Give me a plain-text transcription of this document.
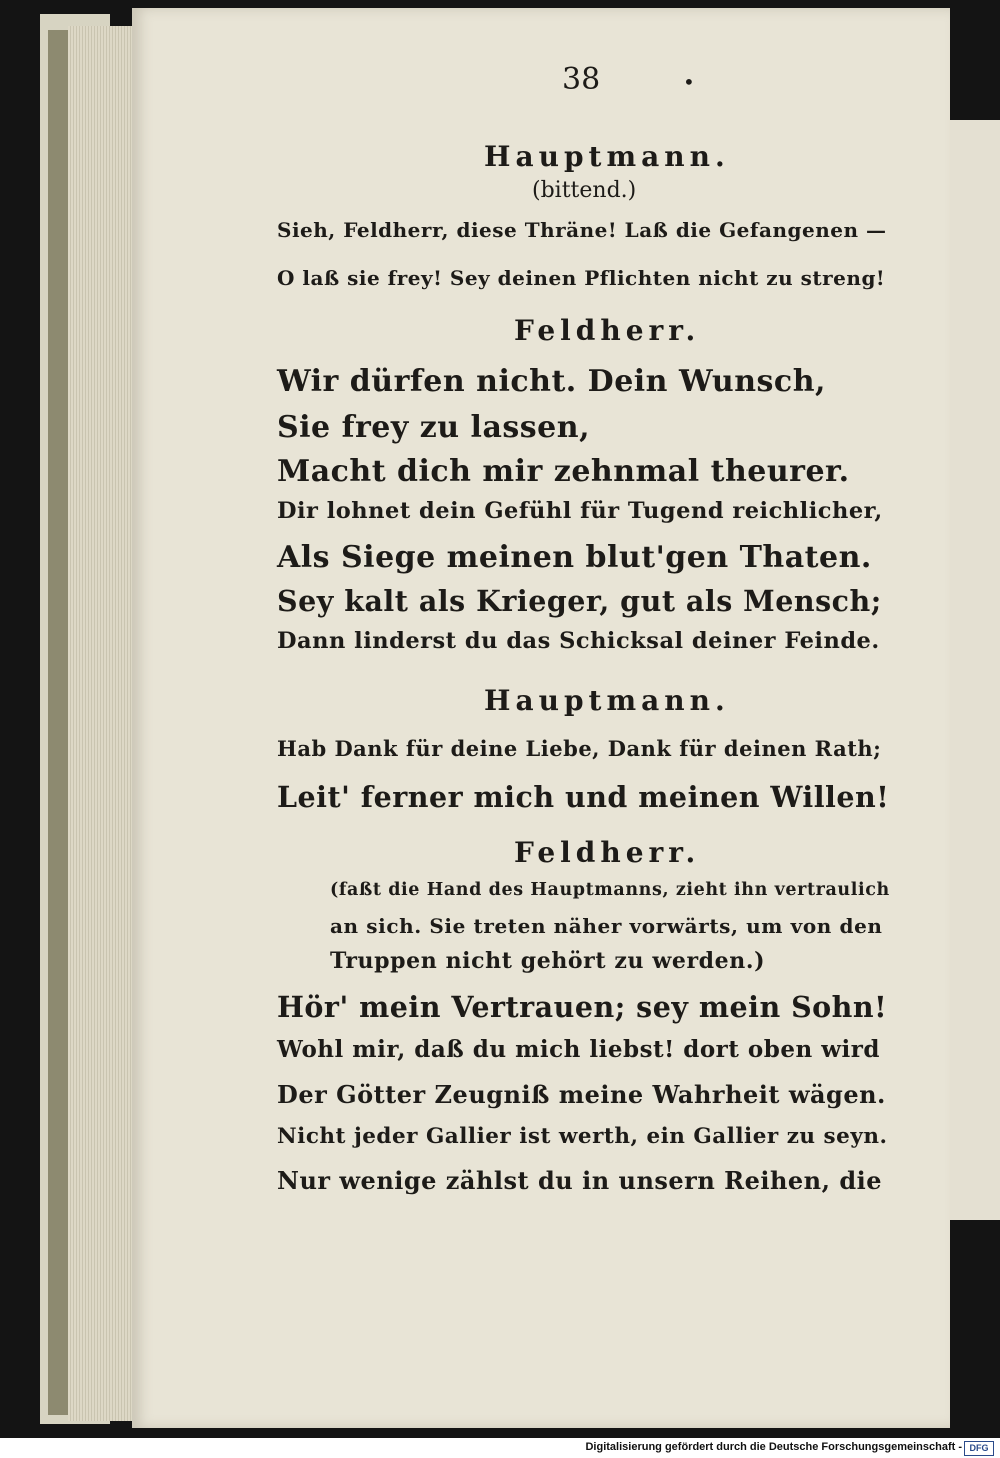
38	•
Hauptmann.
(bittend.)
Sieh, Feldherr, diese Thräne! Laß die Gefangenen —
O laß sie frey! Sey deinen Pflichten nicht zu streng!
Feldherr.
Wir dürfen nicht. Dein Wunsch,
Sie frey zu lassen,
Macht dich mir zehnmal theurer.
Dir lohnet dein Gefühl für Tugend reichlicher,
Als Siege meinen blut'gen Thaten.
Sey kalt als Krieger, gut als Mensch;
Dann linderst du das Schicksal deiner Feinde.
Hauptmann.
Hab Dank für deine Liebe, Dank für deinen Rath;
Leit' ferner mich und meinen Willen!
Feldherr.
(faßt die Hand des Hauptmanns, zieht ihn vertraulich
an sich. Sie treten näher vorwärts, um von den
Truppen nicht gehört zu werden.)
Hör' mein Vertrauen; sey mein Sohn!
Wohl mir, daß du mich liebst! dort oben wird
Der Götter Zeugniß meine Wahrheit wägen.
Nicht jeder Gallier ist werth, ein Gallier zu seyn.
Nur wenige zählst du in unsern Reihen, die
Digitalisierung gefördert durch die Deutsche Forschungsgemeinschaft - DFG
